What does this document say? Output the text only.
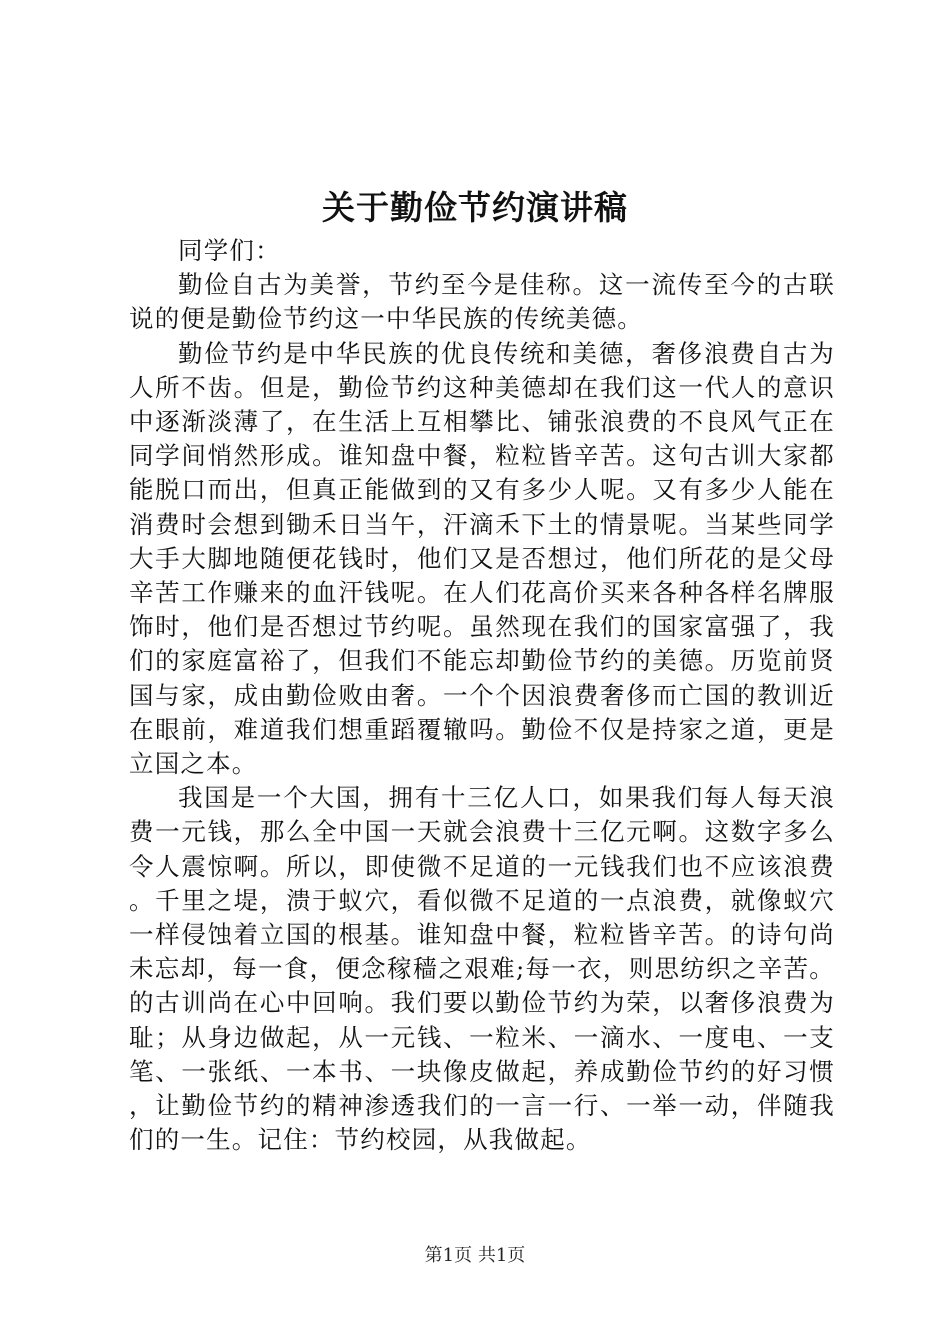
关于勤俭节约演讲稿

同学们：

勤俭自古为美誉，节约至今是佳称。这一流传至今的古联说的便是勤俭节约这一中华民族的传统美德。

勤俭节约是中华民族的优良传统和美德，奢侈浪费自古为人所不齿。但是，勤俭节约这种美德却在我们这一代人的意识中逐渐淡薄了，在生活上互相攀比、铺张浪费的不良风气正在同学间悄然形成。谁知盘中餐，粒粒皆辛苦。这句古训大家都能脱口而出，但真正能做到的又有多少人呢。又有多少人能在消费时会想到锄禾日当午，汗滴禾下土的情景呢。当某些同学大手大脚地随便花钱时，他们又是否想过，他们所花的是父母辛苦工作赚来的血汗钱呢。在人们花高价买来各种各样名牌服饰时，他们是否想过节约呢。虽然现在我们的国家富强了，我们的家庭富裕了，但我们不能忘却勤俭节约的美德。历览前贤国与家，成由勤俭败由奢。一个个因浪费奢侈而亡国的教训近在眼前，难道我们想重蹈覆辙吗。勤俭不仅是持家之道，更是立国之本。

我国是一个大国，拥有十三亿人口，如果我们每人每天浪费一元钱，那么全中国一天就会浪费十三亿元啊。这数字多么令人震惊啊。所以，即使微不足道的一元钱我们也不应该浪费。千里之堤，溃于蚁穴，看似微不足道的一点浪费，就像蚁穴一样侵蚀着立国的根基。谁知盘中餐，粒粒皆辛苦。的诗句尚未忘却，每一食，便念稼穑之艰难;每一衣，则思纺织之辛苦。的古训尚在心中回响。我们要以勤俭节约为荣，以奢侈浪费为耻；从身边做起，从一元钱、一粒米、一滴水、一度电、一支笔、一张纸、一本书、一块像皮做起，养成勤俭节约的好习惯，让勤俭节约的精神渗透我们的一言一行、一举一动，伴随我们的一生。记住：节约校园，从我做起。

第1页 共1页
